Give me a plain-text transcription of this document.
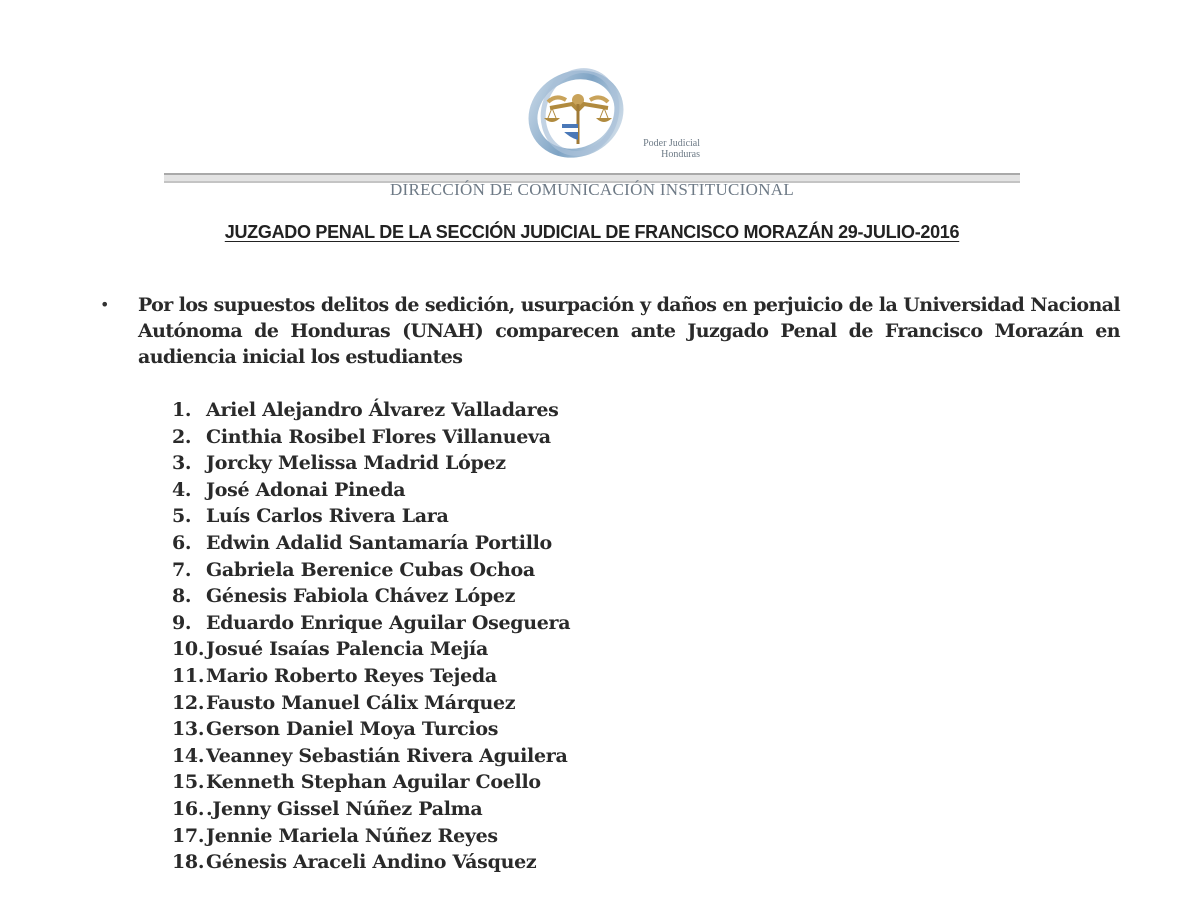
Poder Judicial
Honduras
DIRECCIÓN DE COMUNICACIÓN INSTITUCIONAL
JUZGADO PENAL DE LA SECCIÓN JUDICIAL DE FRANCISCO MORAZÁN 29-JULIO-2016
• Por los supuestos delitos de sedición, usurpación y daños en perjuicio de la Universidad Nacional Autónoma de Honduras (UNAH) comparecen ante Juzgado Penal de Francisco Morazán en audiencia inicial los estudiantes
1. Ariel Alejandro Álvarez Valladares
2. Cinthia Rosibel Flores Villanueva
3. Jorcky Melissa Madrid López
4. José Adonai Pineda
5. Luís Carlos Rivera Lara
6. Edwin Adalid Santamaría Portillo
7. Gabriela Berenice Cubas Ochoa
8. Génesis Fabiola Chávez López
9. Eduardo Enrique Aguilar Oseguera
10.Josué Isaías Palencia Mejía
11.Mario Roberto Reyes Tejeda
12.Fausto Manuel Cálix Márquez
13.Gerson Daniel Moya Turcios
14.Veanney Sebastián Rivera Aguilera
15.Kenneth Stephan Aguilar Coello
16..Jenny Gissel Núñez Palma
17.Jennie Mariela Núñez Reyes
18.Génesis Araceli Andino Vásquez
